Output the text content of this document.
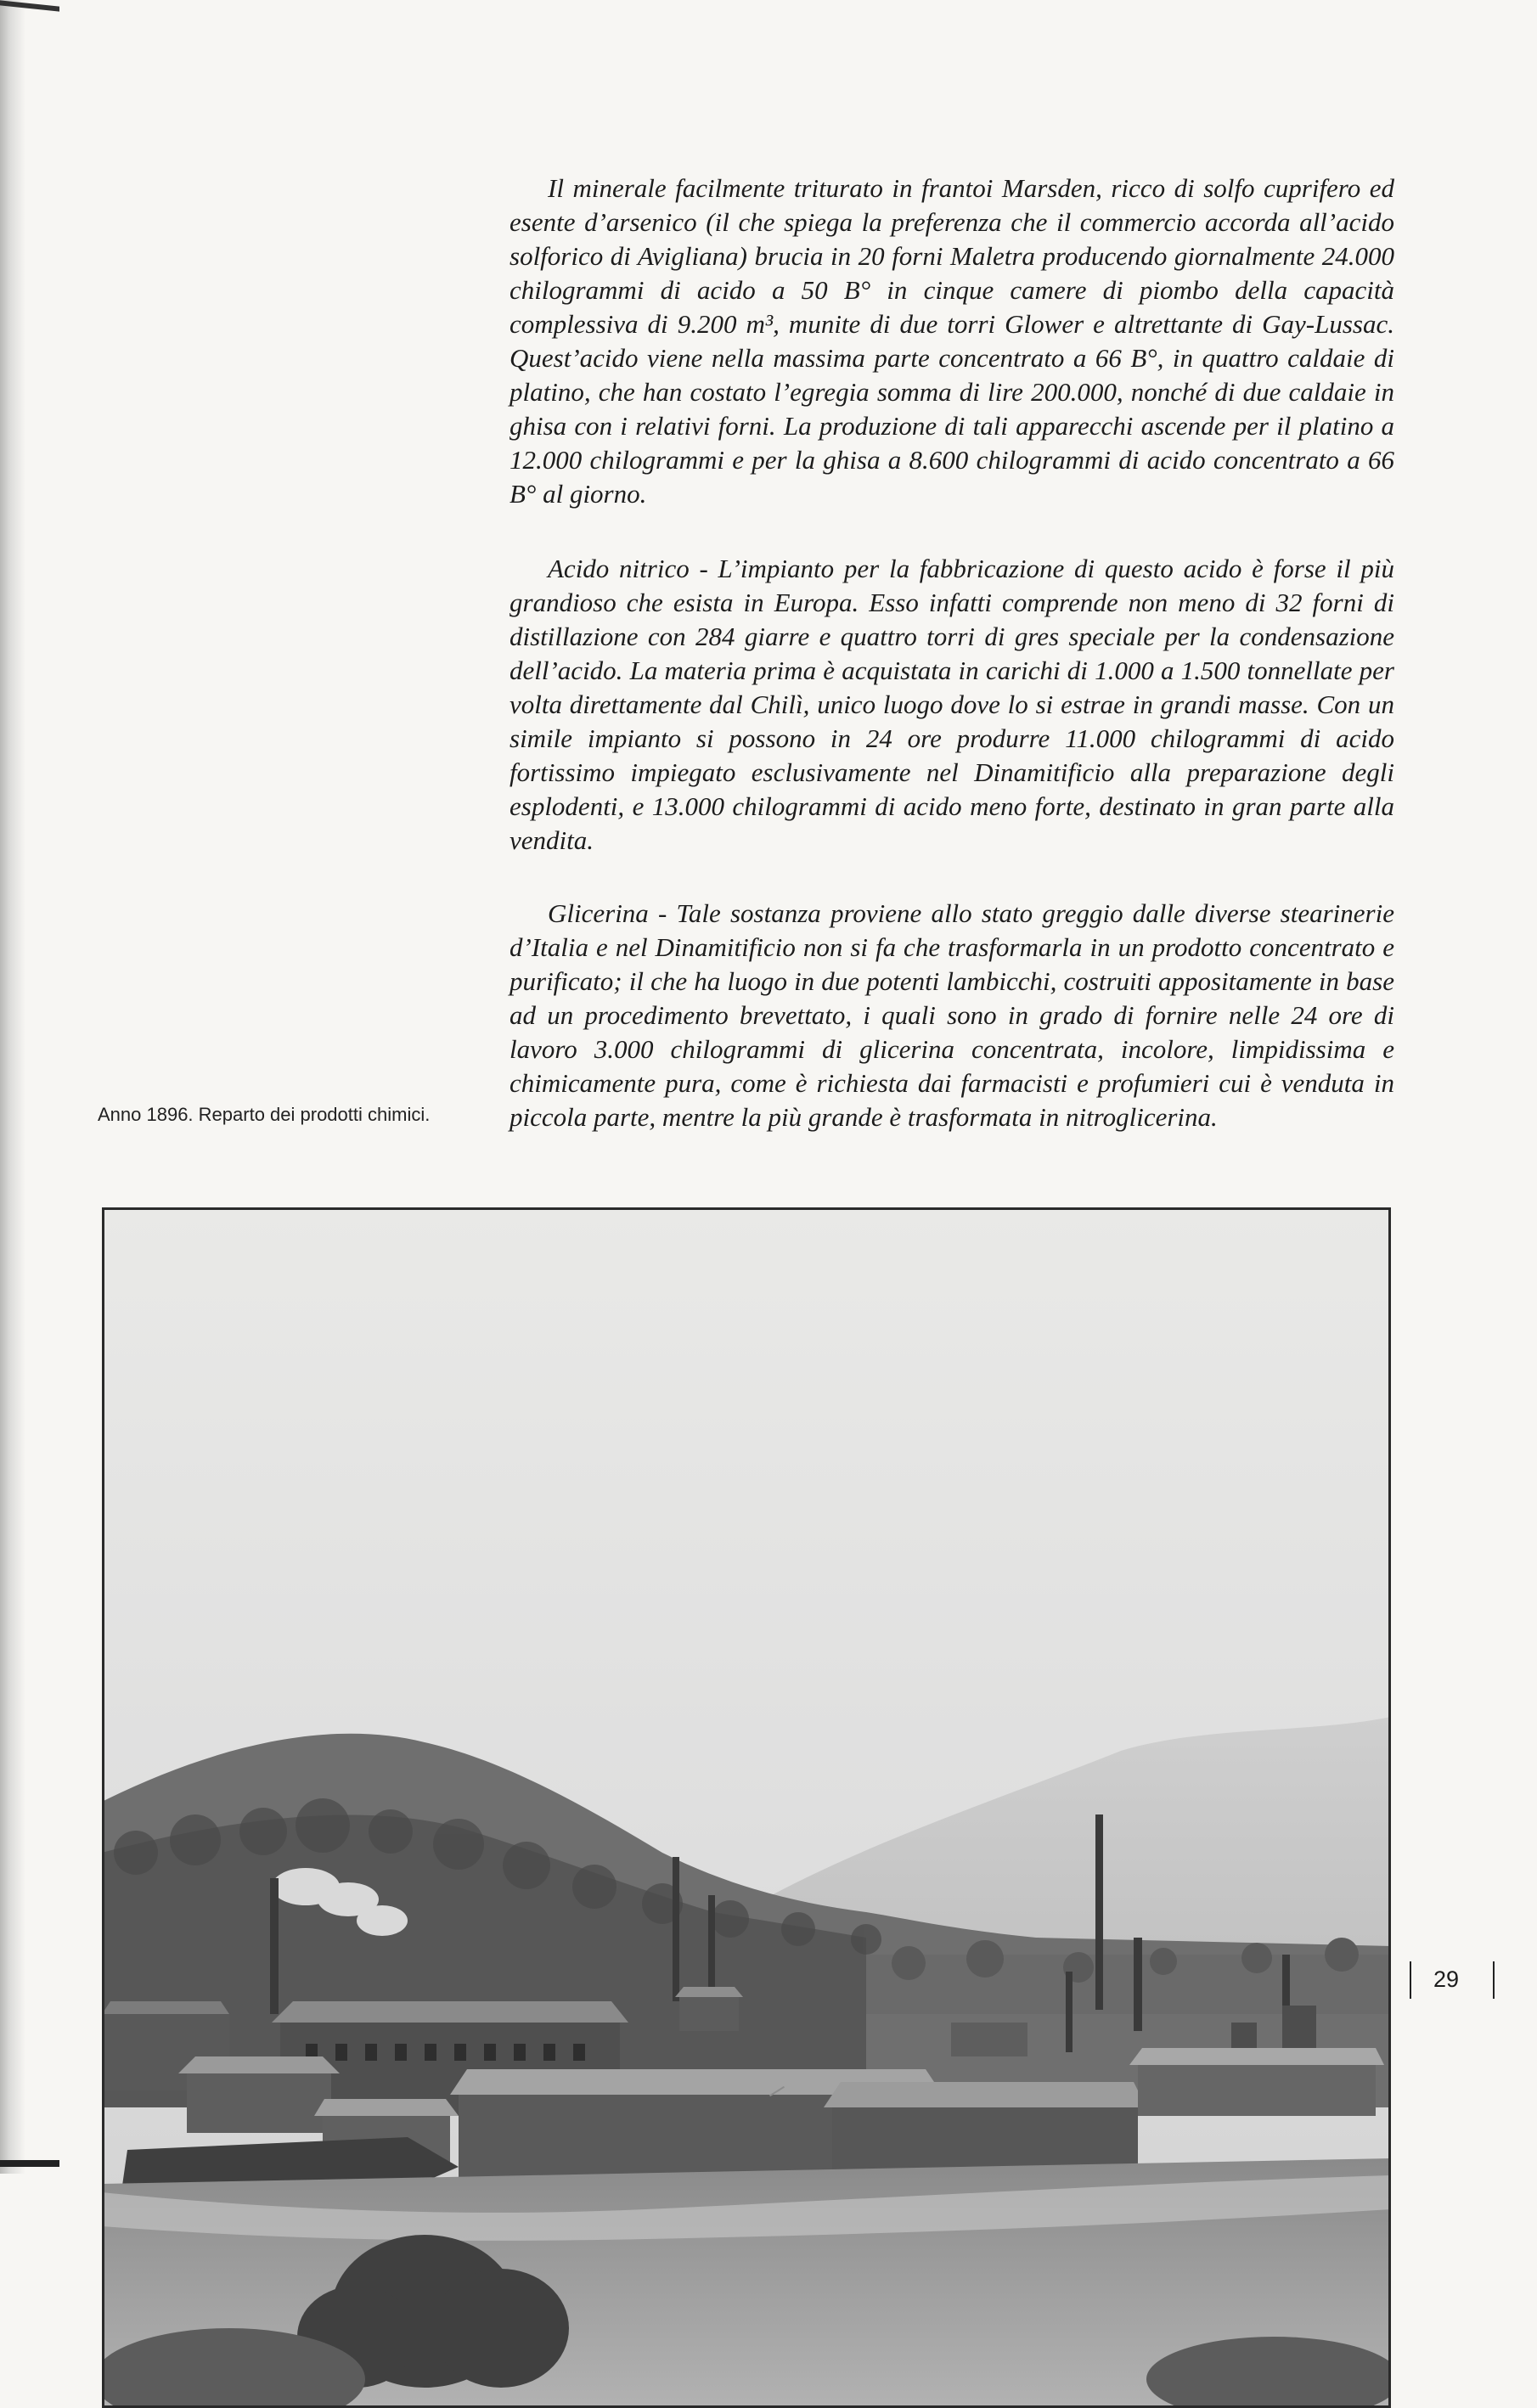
Il minerale facilmente triturato in frantoi Marsden, ricco di solfo cuprifero ed esente d’arsenico (il che spiega la preferenza che il commercio accorda all’acido solforico di Avigliana) brucia in 20 forni Maletra producendo giornalmente 24.000 chilogrammi di acido a 50 B° in cinque camere di piombo della capacità complessiva di 9.200 m³, munite di due torri Glower e altrettante di Gay-Lussac. Quest’acido viene nella massima parte concentrato a 66 B°, in quattro caldaie di platino, che han costato l’egregia somma di lire 200.000, nonché di due caldaie in ghisa con i relativi forni. La produzione di tali apparecchi ascende per il platino a 12.000 chilogrammi e per la ghisa a 8.600 chilogrammi di acido concentrato a 66 B° al giorno.

Acido nitrico - L’impianto per la fabbricazione di questo acido è forse il più grandioso che esista in Europa. Esso infatti comprende non meno di 32 forni di distillazione con 284 giarre e quattro torri di gres speciale per la condensazione dell’acido. La materia prima è acquistata in carichi di 1.000 a 1.500 tonnellate per volta direttamente dal Chilì, unico luogo dove lo si estrae in grandi masse. Con un simile impianto si possono in 24 ore produrre 11.000 chilogrammi di acido fortissimo impiegato esclusivamente nel Dinamitificio alla preparazione degli esplodenti, e 13.000 chilogrammi di acido meno forte, destinato in gran parte alla vendita.

Glicerina - Tale sostanza proviene allo stato greggio dalle diverse stearinerie d’Italia e nel Dinamitificio non si fa che trasformarla in un prodotto concentrato e purificato; il che ha luogo in due potenti lambicchi, costruiti appositamente in base ad un procedimento brevettato, i quali sono in grado di fornire nelle 24 ore di lavoro 3.000 chilogrammi di glicerina concentrata, incolore, limpidissima e chimicamente pura, come è richiesta dai farmacisti e profumieri cui è venduta in piccola parte, mentre la più grande è trasformata in nitroglicerina.

Anno 1896. Reparto dei prodotti chimici.

29
